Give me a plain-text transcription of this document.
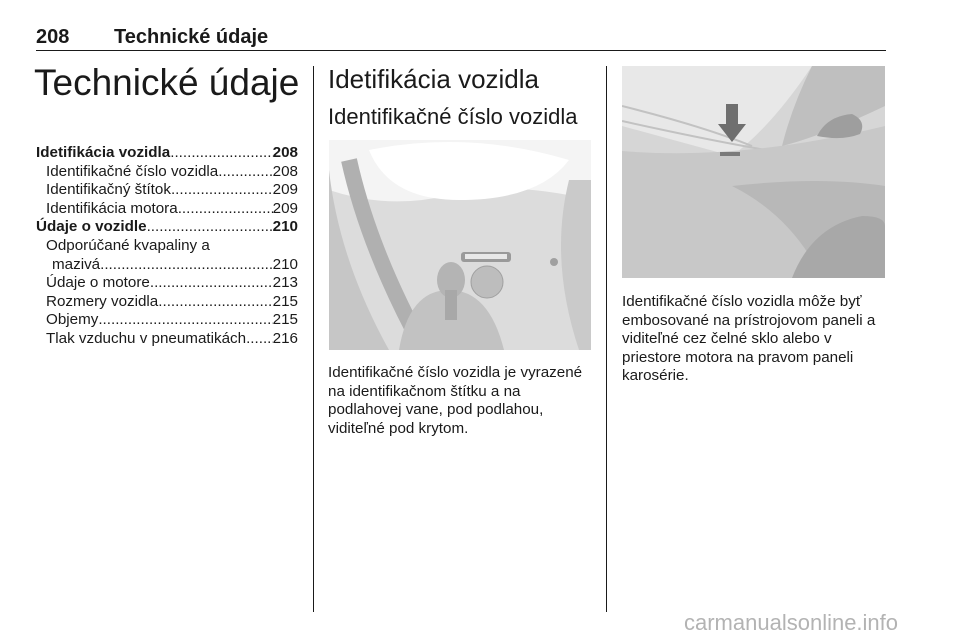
208 Technické údaje
Technické údaje
Idetifikácia vozidla .....	208
Identifikačné číslo vozidla .....	208
Identifikačný štítok .....	209
Identifikácia motora .....	209
Údaje o vozidle .....	210
Odporúčané kvapaliny a
mazivá .....	210
Údaje o motore .....	213
Rozmery vozidla .....	215
Objemy .....	215
Tlak vzduchu v pneumatikách ..... 216
Idetifikácia vozidla
Identifikačné číslo vozidla
Identifikačné číslo vozidla je vyrazené
na identifikačnom štítku a na
podlahovej vane, pod podlahou,
viditeľné pod krytom.
Identifikačné číslo vozidla môže byť
embosované na prístrojovom paneli a
viditeľné cez čelné sklo alebo v
priestore motora na pravom paneli
karosérie.
carmanualsonline.info
